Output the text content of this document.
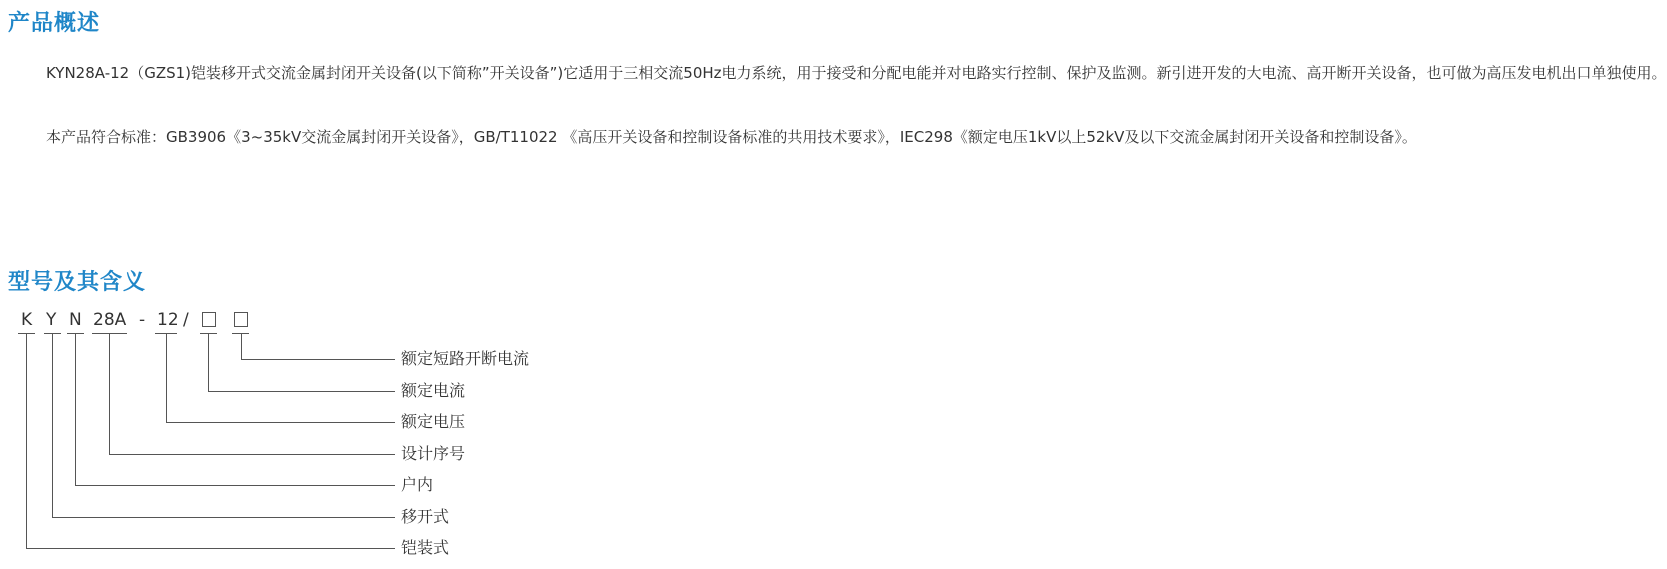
产品概述

KYN28A-12（GZS1)铠装移开式交流金属封闭开关设备(以下简称”开关设备”)它适用于三相交流50Hz电力系统，用于接受和分配电能并对电路实行控制、保护及监测。新引进开发的大电流、高开断开关设备，也可做为高压发电机出口单独使用。

本产品符合标准：GB3906《3~35kV交流金属封闭开关设备》，GB/T11022 《高压开关设备和控制设备标准的共用技术要求》，IEC298《额定电压1kV以上52kV及以下交流金属封闭开关设备和控制设备》。

型号及其含义
K Y N 28A - 12 /
额定短路开断电流
额定电流
额定电压
设计序号
户内
移开式
铠装式
